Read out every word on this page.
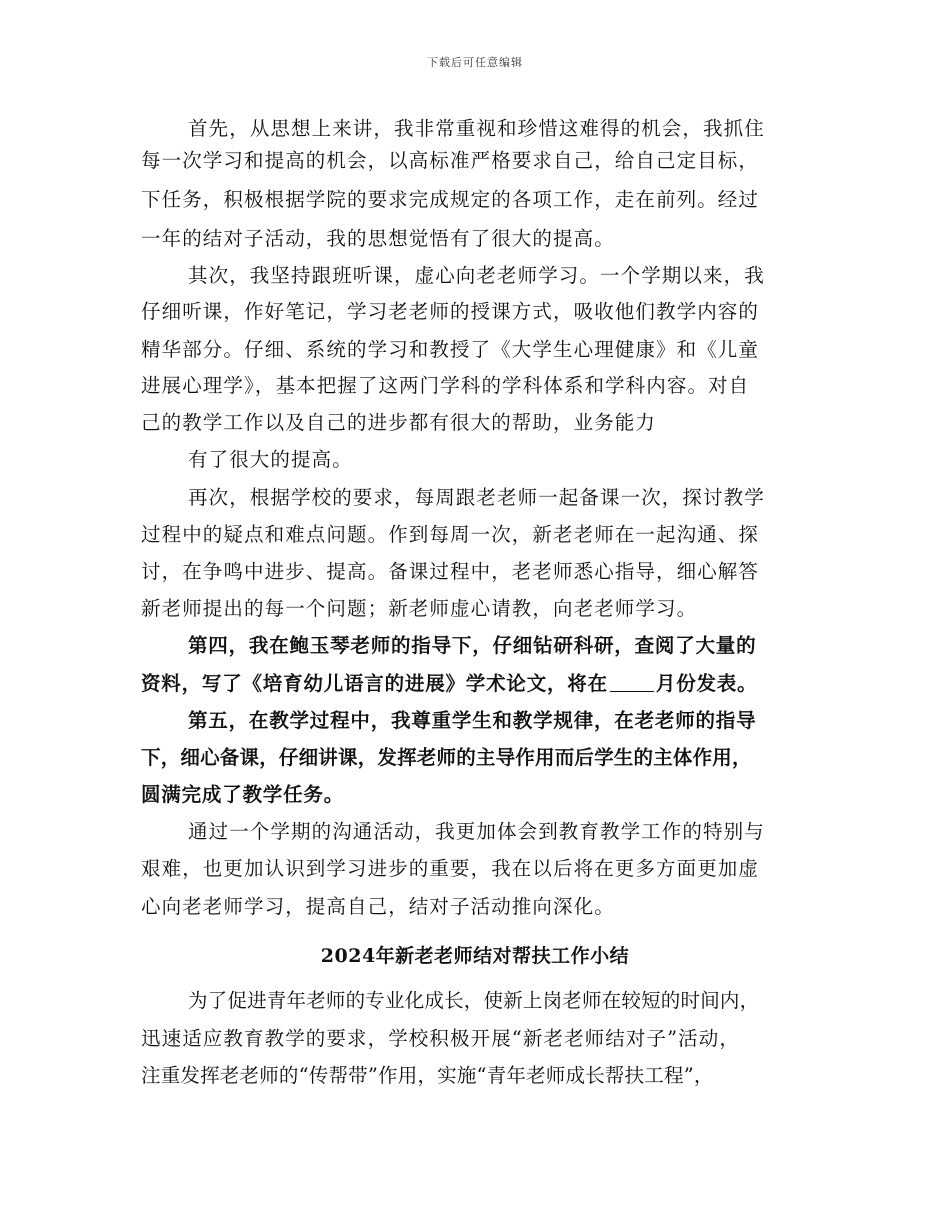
下载后可任意编辑
首先，从思想上来讲，我非常重视和珍惜这难得的机会，我抓住
每一次学习和提高的机会，以高标准严格要求自己，给自己定目标，
下任务，积极根据学院的要求完成规定的各项工作，走在前列。经过
一年的结对子活动，我的思想觉悟有了很大的提高。
其次，我坚持跟班听课，虚心向老老师学习。一个学期以来，我
仔细听课，作好笔记，学习老老师的授课方式，吸收他们教学内容的
精华部分。仔细、系统的学习和教授了《大学生心理健康》和《儿童
进展心理学》，基本把握了这两门学科的学科体系和学科内容。对自
己的教学工作以及自己的进步都有很大的帮助，业务能力
有了很大的提高。
再次，根据学校的要求，每周跟老老师一起备课一次，探讨教学
过程中的疑点和难点问题。作到每周一次，新老老师在一起沟通、探
讨，在争鸣中进步、提高。备课过程中，老老师悉心指导，细心解答
新老师提出的每一个问题；新老师虚心请教，向老老师学习。
第四，我在鲍玉琴老师的指导下，仔细钻研科研，查阅了大量的
资料，写了《培育幼儿语言的进展》学术论文，将在 月份发表。
第五，在教学过程中，我尊重学生和教学规律，在老老师的指导
下，细心备课，仔细讲课，发挥老师的主导作用而后学生的主体作用，
圆满完成了教学任务。
通过一个学期的沟通活动，我更加体会到教育教学工作的特别与
艰难，也更加认识到学习进步的重要，我在以后将在更多方面更加虚
心向老老师学习，提高自己，结对子活动推向深化。
2024年新老老师结对帮扶工作小结
为了促进青年老师的专业化成长，使新上岗老师在较短的时间内，
迅速适应教育教学的要求，学校积极开展“新老老师结对子”活动，
注重发挥老老师的“传帮带”作用，实施“青年老师成长帮扶工程”，
